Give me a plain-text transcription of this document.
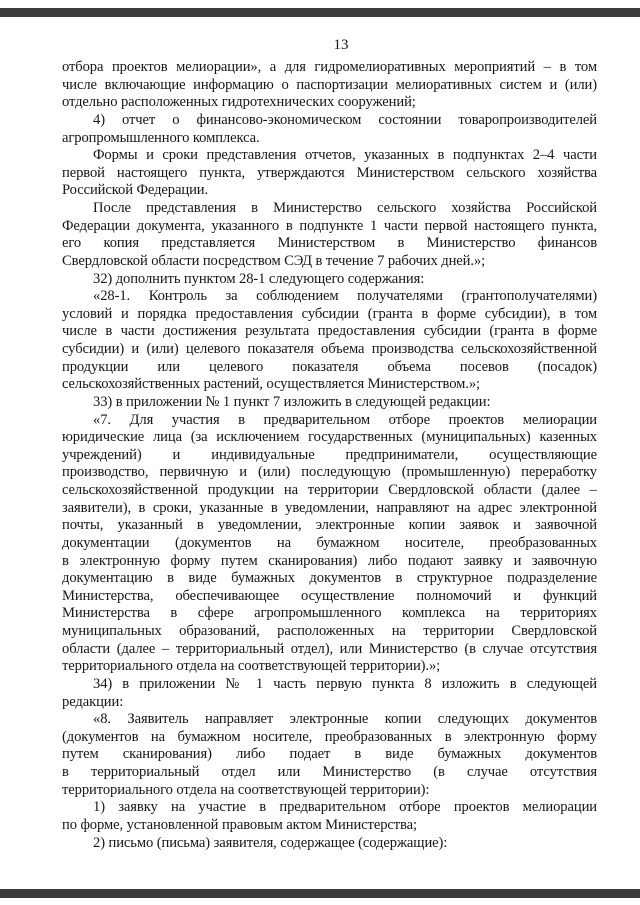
13
отбора проектов мелиорации», а для гидромелиоративных мероприятий – в том
числе включающие информацию о паспортизации мелиоративных систем и (или)
отдельно расположенных гидротехнических сооружений;
4) отчет о финансово-экономическом состоянии товаропроизводителей
агропромышленного комплекса.
Формы и сроки представления отчетов, указанных в подпунктах 2–4 части
первой настоящего пункта, утверждаются Министерством сельского хозяйства
Российской Федерации.
После представления в Министерство сельского хозяйства Российской
Федерации документа, указанного в подпункте 1 части первой настоящего пункта,
его копия представляется Министерством в Министерство финансов
Свердловской области посредством СЭД в течение 7 рабочих дней.»;
32) дополнить пунктом 28-1 следующего содержания:
«28-1. Контроль за соблюдением получателями (грантополучателями)
условий и порядка предоставления субсидии (гранта в форме субсидии), в том
числе в части достижения результата предоставления субсидии (гранта в форме
субсидии) и (или) целевого показателя объема производства сельскохозяйственной
продукции или целевого показателя объема посевов (посадок)
сельскохозяйственных растений, осуществляется Министерством.»;
33) в приложении № 1 пункт 7 изложить в следующей редакции:
«7. Для участия в предварительном отборе проектов мелиорации
юридические лица (за исключением государственных (муниципальных) казенных
учреждений) и индивидуальные предприниматели, осуществляющие
производство, первичную и (или) последующую (промышленную) переработку
сельскохозяйственной продукции на территории Свердловской области (далее –
заявители), в сроки, указанные в уведомлении, направляют на адрес электронной
почты, указанный в уведомлении, электронные копии заявок и заявочной
документации (документов на бумажном носителе, преобразованных
в электронную форму путем сканирования) либо подают заявку и заявочную
документацию в виде бумажных документов в структурное подразделение
Министерства, обеспечивающее осуществление полномочий и функций
Министерства в сфере агропромышленного комплекса на территориях
муниципальных образований, расположенных на территории Свердловской
области (далее – территориальный отдел), или Министерство (в случае отсутствия
территориального отдела на соответствующей территории).»;
34) в приложении № 1 часть первую пункта 8 изложить в следующей
редакции:
«8. Заявитель направляет электронные копии следующих документов
(документов на бумажном носителе, преобразованных в электронную форму
путем сканирования) либо подает в виде бумажных документов
в территориальный отдел или Министерство (в случае отсутствия
территориального отдела на соответствующей территории):
1) заявку на участие в предварительном отборе проектов мелиорации
по форме, установленной правовым актом Министерства;
2) письмо (письма) заявителя, содержащее (содержащие):
